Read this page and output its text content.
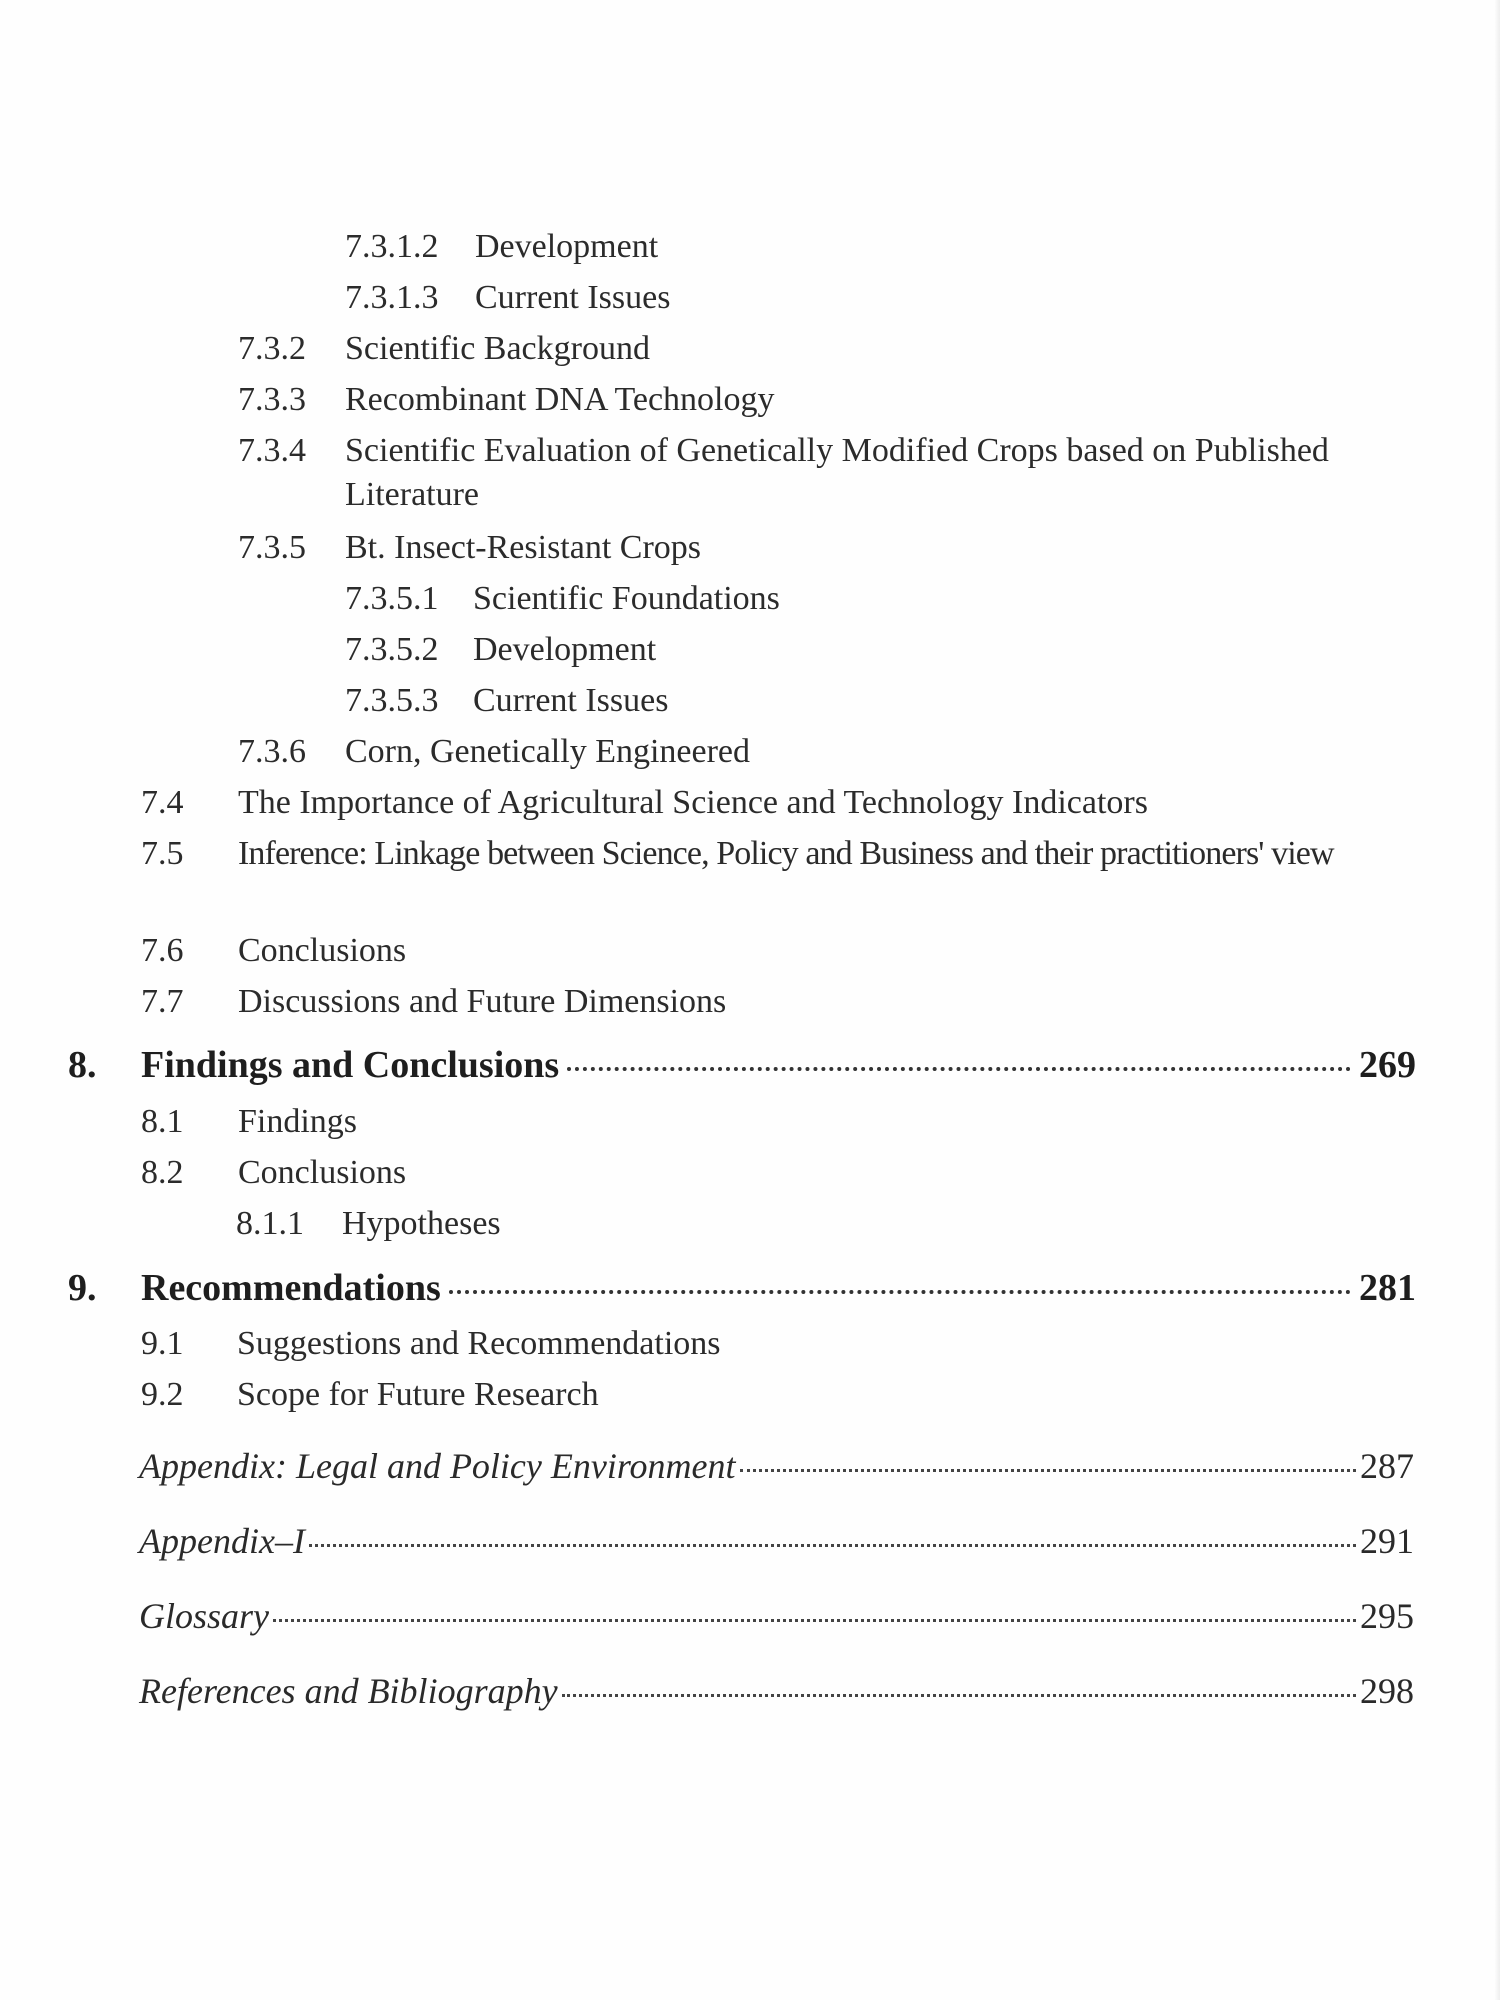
7.3.1.2 Development
7.3.1.3 Current Issues
7.3.2 Scientific Background
7.3.3 Recombinant DNA Technology
7.3.4 Scientific Evaluation of Genetically Modified Crops based on Published Literature
7.3.5 Bt. Insect-Resistant Crops
7.3.5.1 Scientific Foundations
7.3.5.2 Development
7.3.5.3 Current Issues
7.3.6 Corn, Genetically Engineered
7.4 The Importance of Agricultural Science and Technology Indicators
7.5 Inference: Linkage between Science, Policy and Business and their practitioners' view
7.6 Conclusions
7.7 Discussions and Future Dimensions
8.	Findings and Conclusions	269
8.1 Findings
8.2 Conclusions
8.1.1 Hypotheses
9.	Recommendations	281
9.1 Suggestions and Recommendations
9.2 Scope for Future Research
Appendix: Legal and Policy Environment	287
Appendix–I	291
Glossary	295
References and Bibliography	298
